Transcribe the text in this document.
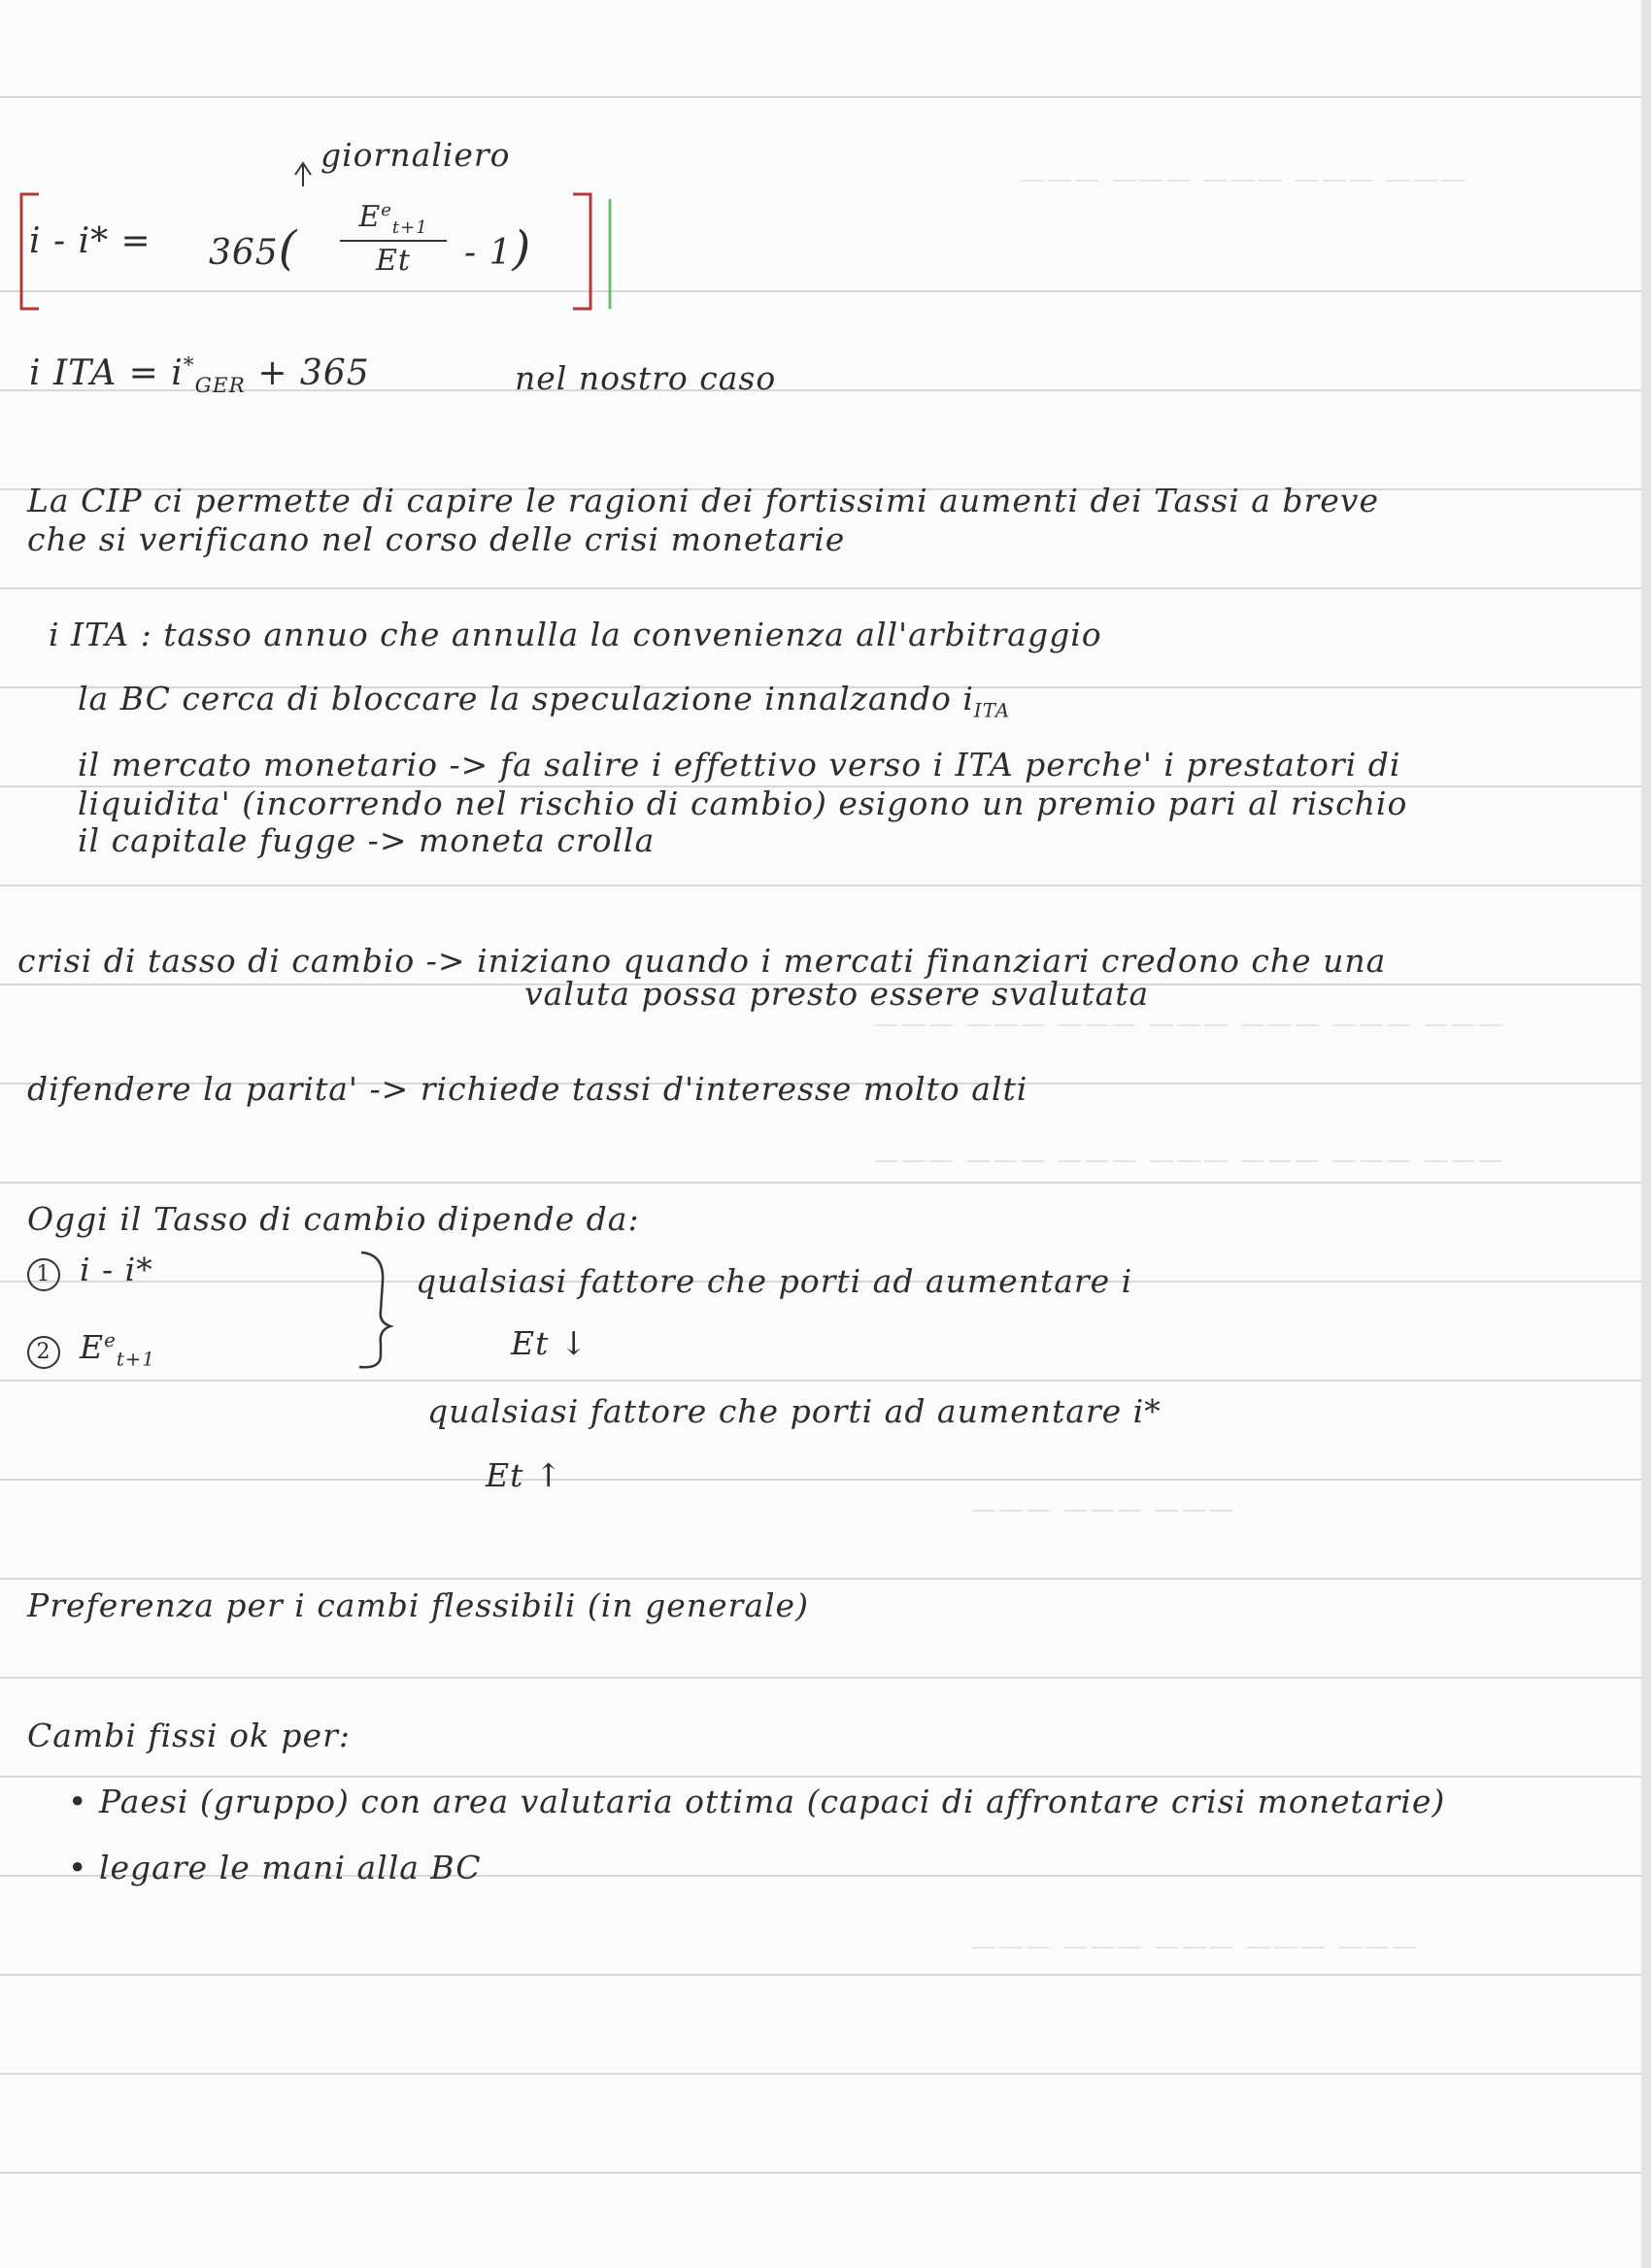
——— ——— ——— ——— ———
——— ——— ——— ——— ——— ——— ———
——— ——— ——— ——— ——— ——— ———
——— ——— ———
——— ——— ——— ——— ———
giornaliero
i - i* = 365(
$E^e_{t+1}$
Et	- 1)
i ITA = $i^*_{GER} + 365$	nel nostro caso
La CIP ci permette di capire le ragioni dei fortissimi aumenti dei Tassi a breve
che si verificano nel corso delle crisi monetarie
i ITA : tasso annuo che annulla la convenienza all'arbitraggio
la BC cerca di bloccare la speculazione innalzando $i_{ITA}$
il mercato monetario -> fa salire i effettivo verso i ITA perche' i prestatori di
liquidita' (incorrendo nel rischio di cambio) esigono un premio pari al rischio
il capitale fugge -> moneta crolla
crisi di tasso di cambio -> iniziano quando i mercati finanziari credono che una
valuta possa presto essere svalutata
difendere la parita' -> richiede tassi d'interesse molto alti
Oggi il Tasso di cambio dipende da:
1 i - i*
2 $E^e_{t+1}$
qualsiasi fattore che porti ad aumentare i
Et ↓
qualsiasi fattore che porti ad aumentare i*
Et ↑
Preferenza per i cambi flessibili (in generale)
Cambi fissi ok per:
• Paesi (gruppo) con area valutaria ottima (capaci di affrontare crisi monetarie)
• legare le mani alla BC
